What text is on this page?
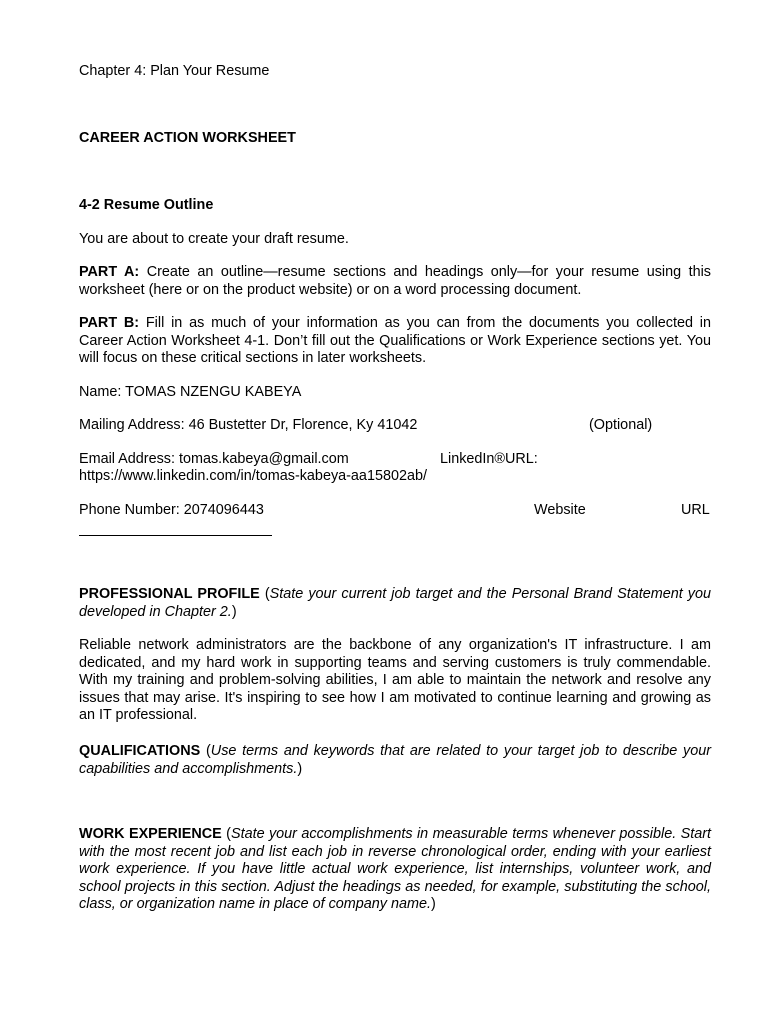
Chapter 4: Plan Your Resume

CAREER ACTION WORKSHEET

4-2 Resume Outline

You are about to create your draft resume.

PART A: Create an outline—resume sections and headings only—for your resume using this worksheet (here or on the product website) or on a word processing document.

PART B: Fill in as much of your information as you can from the documents you collected in Career Action Worksheet 4-1. Don’t fill out the Qualifications or Work Experience sections yet. You will focus on these critical sections in later worksheets.

Name: TOMAS NZENGU KABEYA

Mailing Address: 46 Bustetter Dr, Florence, Ky 41042	(Optional)

Email Address: tomas.kabeya@gmail.com	LinkedIn®URL:

https://www.linkedin.com/in/tomas-kabeya-aa15802ab/

Phone Number: 2074096443	Website	URL

PROFESSIONAL PROFILE (State your current job target and the Personal Brand Statement you developed in Chapter 2.)

Reliable network administrators are the backbone of any organization's IT infrastructure. I am dedicated, and my hard work in supporting teams and serving customers is truly commendable. With my training and problem-solving abilities, I am able to maintain the network and resolve any issues that may arise. It's inspiring to see how I am motivated to continue learning and growing as an IT professional.

QUALIFICATIONS (Use terms and keywords that are related to your target job to describe your capabilities and accomplishments.)

WORK EXPERIENCE (State your accomplishments in measurable terms whenever possible. Start with the most recent job and list each job in reverse chronological order, ending with your earliest work experience. If you have little actual work experience, list internships, volunteer work, and school projects in this section. Adjust the headings as needed, for example, substituting the school, class, or organization name in place of company name.)
